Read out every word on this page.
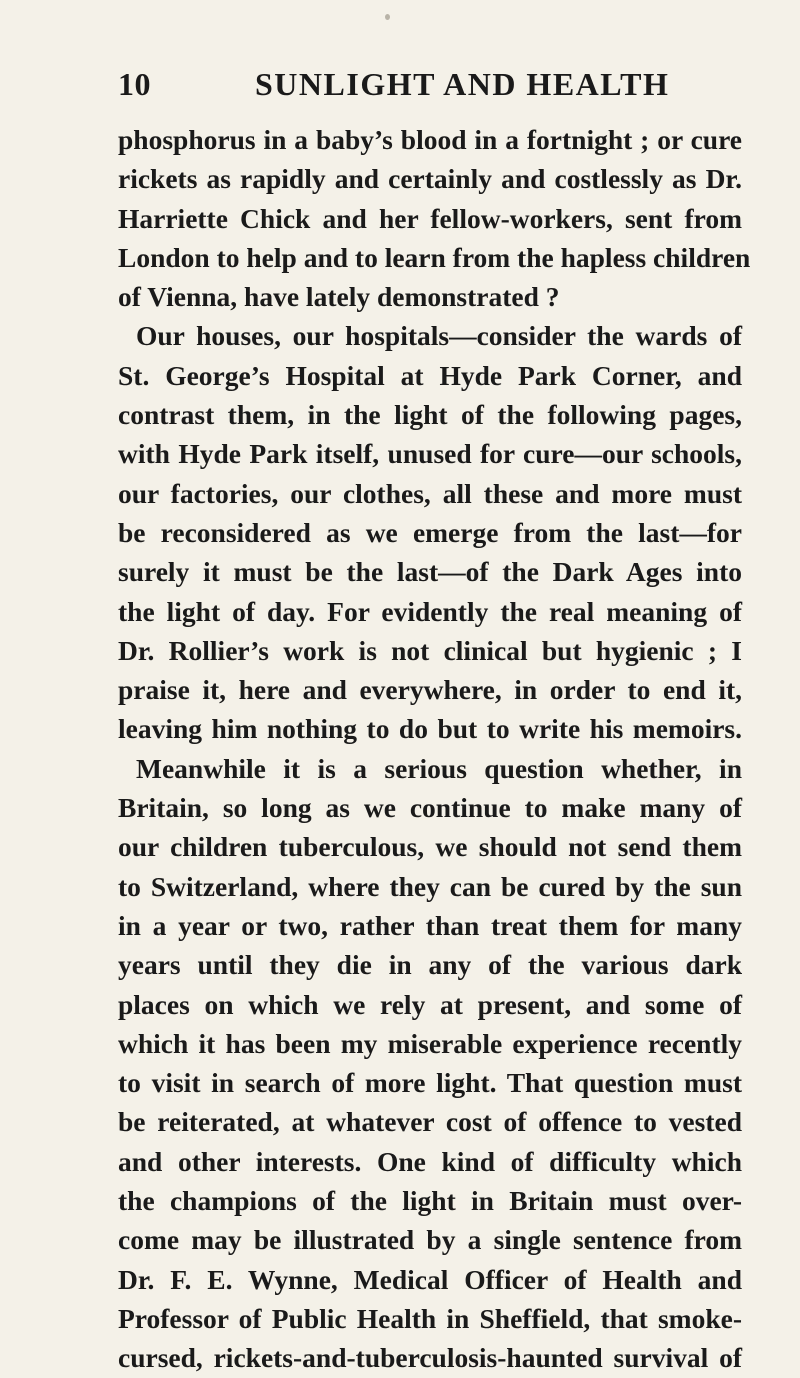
10	SUNLIGHT AND HEALTH
phosphorus in a baby’s blood in a fortnight ; or cure
rickets as rapidly and certainly and costlessly as Dr.
Harriette Chick and her fellow-workers, sent from
London to help and to learn from the hapless children
of Vienna, have lately demonstrated ?
Our houses, our hospitals—consider the wards of
St. George’s Hospital at Hyde Park Corner, and
contrast them, in the light of the following pages,
with Hyde Park itself, unused for cure—our schools,
our factories, our clothes, all these and more must
be reconsidered as we emerge from the last—for
surely it must be the last—of the Dark Ages into
the light of day. For evidently the real meaning of
Dr. Rollier’s work is not clinical but hygienic ; I
praise it, here and everywhere, in order to end it,
leaving him nothing to do but to write his memoirs.
Meanwhile it is a serious question whether, in
Britain, so long as we continue to make many of
our children tuberculous, we should not send them
to Switzerland, where they can be cured by the sun
in a year or two, rather than treat them for many
years until they die in any of the various dark
places on which we rely at present, and some of
which it has been my miserable experience recently
to visit in search of more light. That question must
be reiterated, at whatever cost of offence to vested
and other interests. One kind of difficulty which
the champions of the light in Britain must over-
come may be illustrated by a single sentence from
Dr. F. E. Wynne, Medical Officer of Health and
Professor of Public Health in Sheffield, that smoke-
cursed, rickets-and-tuberculosis-haunted survival of
